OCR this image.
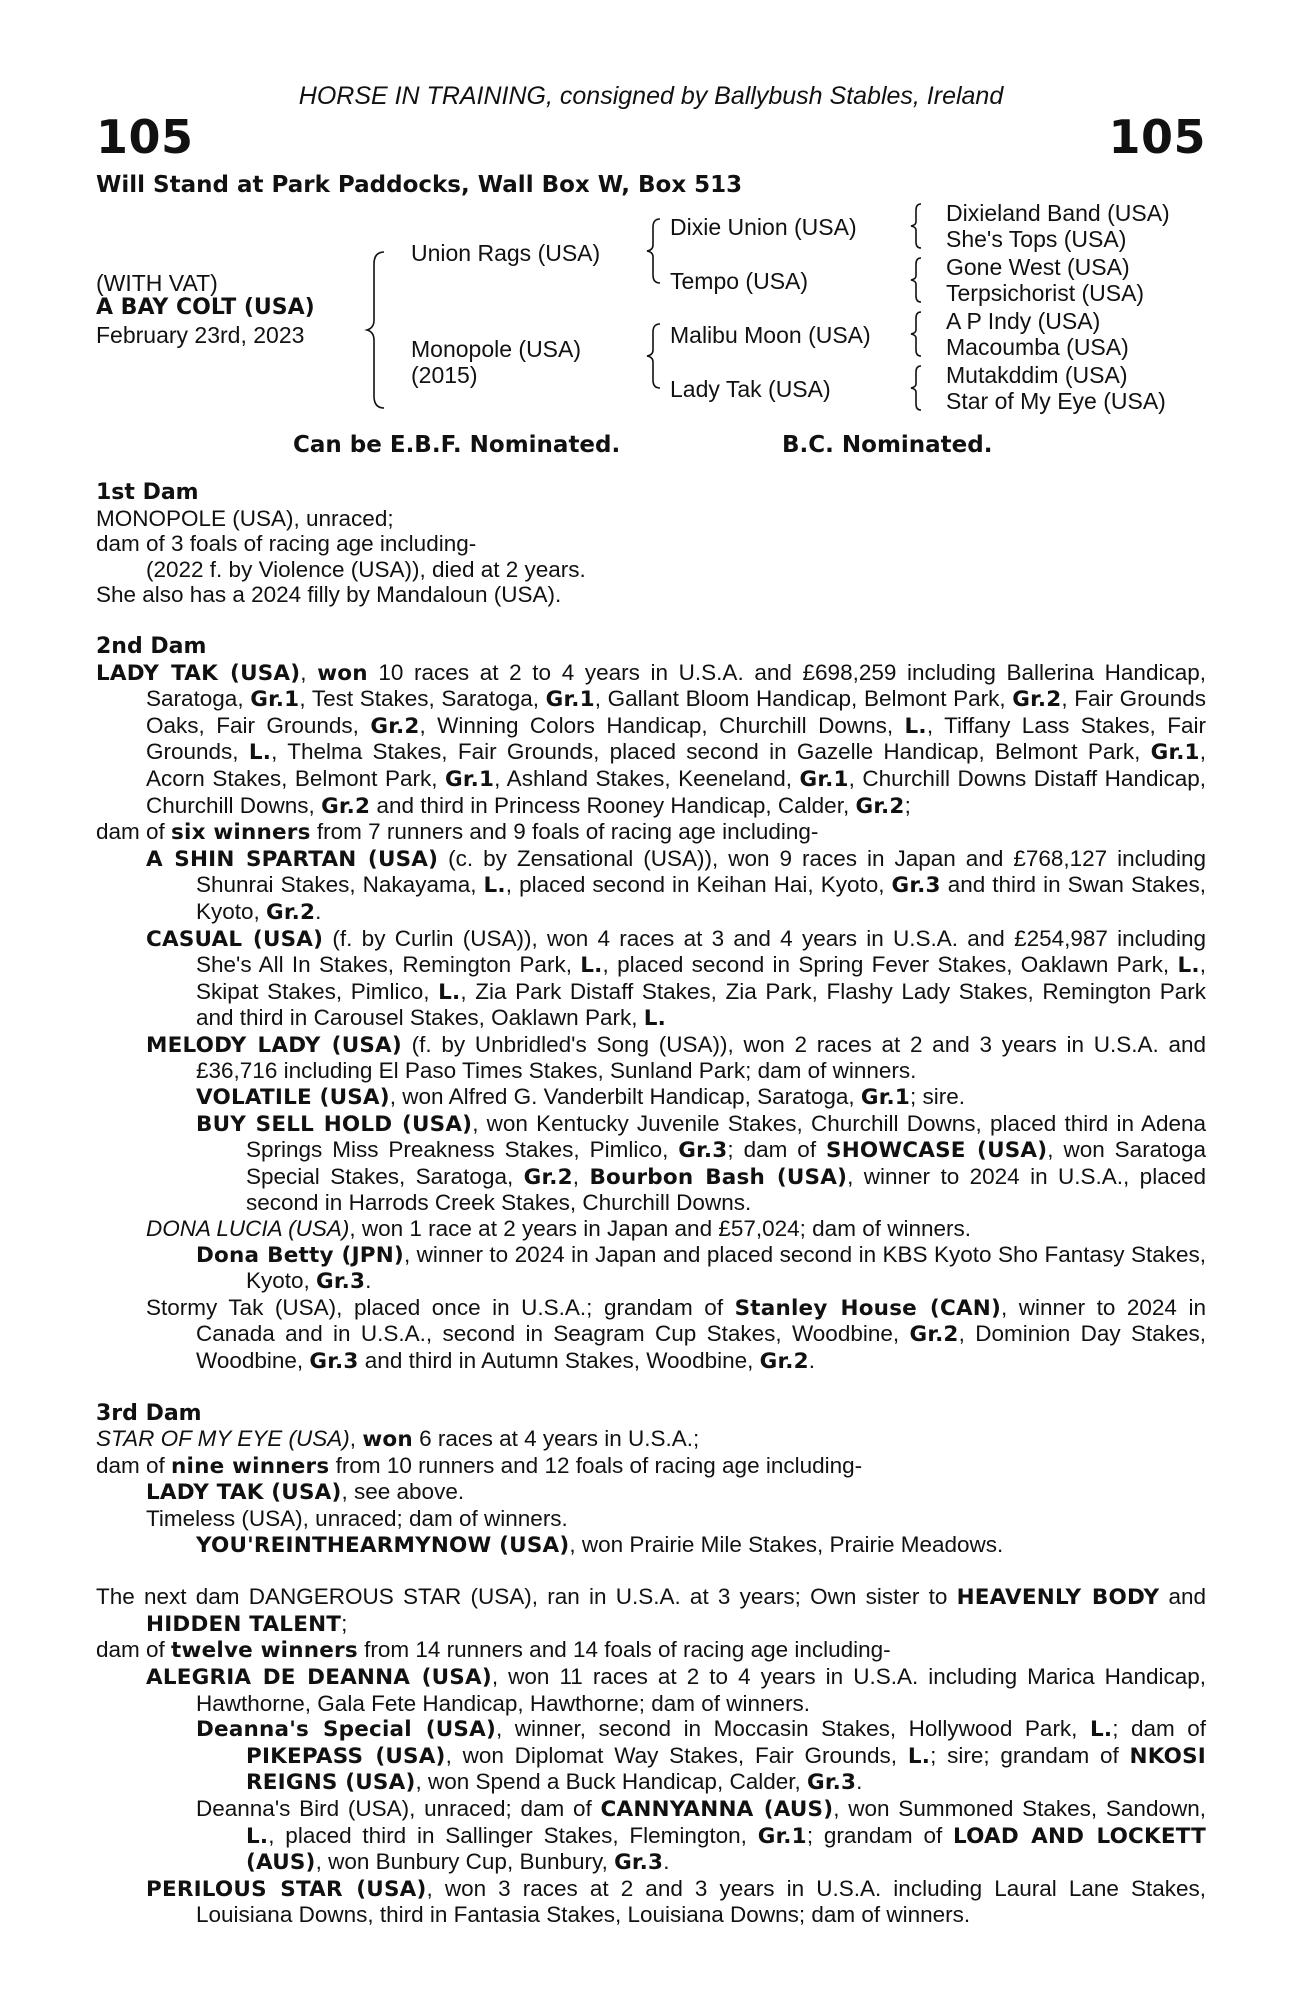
HORSE IN TRAINING, consigned by Ballybush Stables, Ireland
105	105
Will Stand at Park Paddocks, Wall Box W, Box 513
(WITH VAT)
A BAY COLT (USA)
February 23rd, 2023
Union Rags (USA)
Monopole (USA)
(2015)
Dixie Union (USA)
Tempo (USA)
Malibu Moon (USA)
Lady Tak (USA)
Dixieland Band (USA)
She's Tops (USA)
Gone West (USA)
Terpsichorist (USA)
A P Indy (USA)
Macoumba (USA)
Mutakddim (USA)
Star of My Eye (USA)
Can be E.B.F. Nominated.	B.C. Nominated.
1st Dam
MONOPOLE (USA), unraced;
dam of 3 foals of racing age including-
(2022 f. by Violence (USA)), died at 2 years.
She also has a 2024 filly by Mandaloun (USA).
2nd Dam
LADY TAK (USA), won 10 races at 2 to 4 years in U.S.A. and £698,259 including Ballerina Handicap, Saratoga, Gr.1, Test Stakes, Saratoga, Gr.1, Gallant Bloom Handicap, Belmont Park, Gr.2, Fair Grounds Oaks, Fair Grounds, Gr.2, Winning Colors Handicap, Churchill Downs, L., Tiffany Lass Stakes, Fair Grounds, L., Thelma Stakes, Fair Grounds, placed second in Gazelle Handicap, Belmont Park, Gr.1, Acorn Stakes, Belmont Park, Gr.1, Ashland Stakes, Keeneland, Gr.1, Churchill Downs Distaff Handicap, Churchill Downs, Gr.2 and third in Princess Rooney Handicap, Calder, Gr.2;
dam of six winners from 7 runners and 9 foals of racing age including-
A SHIN SPARTAN (USA) (c. by Zensational (USA)), won 9 races in Japan and £768,127 including Shunrai Stakes, Nakayama, L., placed second in Keihan Hai, Kyoto, Gr.3 and third in Swan Stakes, Kyoto, Gr.2.
CASUAL (USA) (f. by Curlin (USA)), won 4 races at 3 and 4 years in U.S.A. and £254,987 including She's All In Stakes, Remington Park, L., placed second in Spring Fever Stakes, Oaklawn Park, L., Skipat Stakes, Pimlico, L., Zia Park Distaff Stakes, Zia Park, Flashy Lady Stakes, Remington Park and third in Carousel Stakes, Oaklawn Park, L.
MELODY LADY (USA) (f. by Unbridled's Song (USA)), won 2 races at 2 and 3 years in U.S.A. and £36,716 including El Paso Times Stakes, Sunland Park; dam of winners.
VOLATILE (USA), won Alfred G. Vanderbilt Handicap, Saratoga, Gr.1; sire.
BUY SELL HOLD (USA), won Kentucky Juvenile Stakes, Churchill Downs, placed third in Adena Springs Miss Preakness Stakes, Pimlico, Gr.3; dam of SHOWCASE (USA), won Saratoga Special Stakes, Saratoga, Gr.2, Bourbon Bash (USA), winner to 2024 in U.S.A., placed second in Harrods Creek Stakes, Churchill Downs.
DONA LUCIA (USA), won 1 race at 2 years in Japan and £57,024; dam of winners.
Dona Betty (JPN), winner to 2024 in Japan and placed second in KBS Kyoto Sho Fantasy Stakes, Kyoto, Gr.3.
Stormy Tak (USA), placed once in U.S.A.; grandam of Stanley House (CAN), winner to 2024 in Canada and in U.S.A., second in Seagram Cup Stakes, Woodbine, Gr.2, Dominion Day Stakes, Woodbine, Gr.3 and third in Autumn Stakes, Woodbine, Gr.2.
3rd Dam
STAR OF MY EYE (USA), won 6 races at 4 years in U.S.A.;
dam of nine winners from 10 runners and 12 foals of racing age including-
LADY TAK (USA), see above.
Timeless (USA), unraced; dam of winners.
YOU'REINTHEARMYNOW (USA), won Prairie Mile Stakes, Prairie Meadows.
The next dam DANGEROUS STAR (USA), ran in U.S.A. at 3 years; Own sister to HEAVENLY BODY and HIDDEN TALENT;
dam of twelve winners from 14 runners and 14 foals of racing age including-
ALEGRIA DE DEANNA (USA), won 11 races at 2 to 4 years in U.S.A. including Marica Handicap, Hawthorne, Gala Fete Handicap, Hawthorne; dam of winners.
Deanna's Special (USA), winner, second in Moccasin Stakes, Hollywood Park, L.; dam of PIKEPASS (USA), won Diplomat Way Stakes, Fair Grounds, L.; sire; grandam of NKOSI REIGNS (USA), won Spend a Buck Handicap, Calder, Gr.3.
Deanna's Bird (USA), unraced; dam of CANNYANNA (AUS), won Summoned Stakes, Sandown, L., placed third in Sallinger Stakes, Flemington, Gr.1; grandam of LOAD AND LOCKETT (AUS), won Bunbury Cup, Bunbury, Gr.3.
PERILOUS STAR (USA), won 3 races at 2 and 3 years in U.S.A. including Laural Lane Stakes, Louisiana Downs, third in Fantasia Stakes, Louisiana Downs; dam of winners.
